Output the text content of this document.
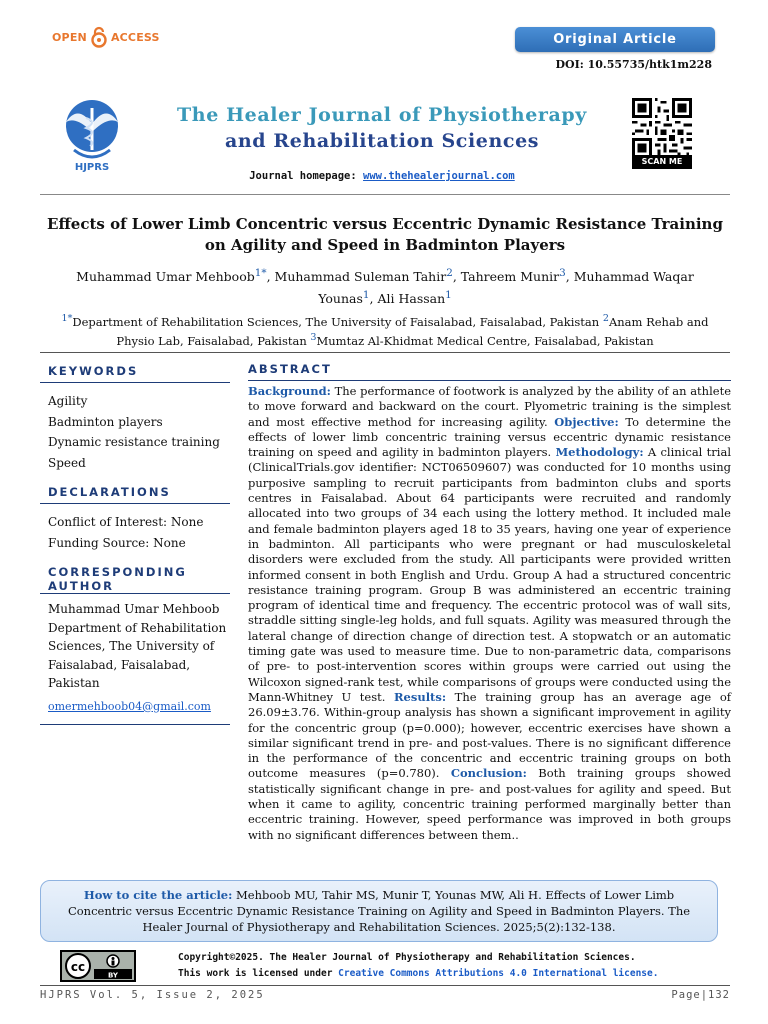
OPEN ACCESS	Original Article
DOI: 10.55735/htk1m228
HJPRS
The Healer Journal of Physiotherapy
and Rehabilitation Sciences
SCAN ME
Journal homepage: www.thehealerjournal.com
Effects of Lower Limb Concentric versus Eccentric Dynamic Resistance Training on Agility and Speed in Badminton Players
Muhammad Umar Mehboob$^{1*}$, Muhammad Suleman Tahir$^2$, Tahreem Munir$^3$, Muhammad Waqar Younas$^1$, Ali Hassan$^1$
$^{1*}$Department of Rehabilitation Sciences, The University of Faisalabad, Faisalabad, Pakistan $^2$Anam Rehab and Physio Lab, Faisalabad, Pakistan $^3$Mumtaz Al-Khidmat Medical Centre, Faisalabad, Pakistan
KEYWORDS
Agility
Badminton players
Dynamic resistance training
Speed
DECLARATIONS
Conflict of Interest: None
Funding Source: None
CORRESPONDING AUTHOR
Muhammad Umar Mehboob
Department of Rehabilitation Sciences, The University of Faisalabad, Faisalabad, Pakistan
omermehboob04@gmail.com
ABSTRACT
Background: The performance of footwork is analyzed by the ability of an athlete to move forward and backward on the court. Plyometric training is the simplest and most effective method for increasing agility. Objective: To determine the effects of lower limb concentric training versus eccentric dynamic resistance training on speed and agility in badminton players. Methodology: A clinical trial (ClinicalTrials.gov identifier: NCT06509607) was conducted for 10 months using purposive sampling to recruit participants from badminton clubs and sports centres in Faisalabad. About 64 participants were recruited and randomly allocated into two groups of 34 each using the lottery method. It included male and female badminton players aged 18 to 35 years, having one year of experience in badminton. All participants who were pregnant or had musculoskeletal disorders were excluded from the study. All participants were provided written informed consent in both English and Urdu. Group A had a structured concentric resistance training program. Group B was administered an eccentric training program of identical time and frequency. The eccentric protocol was of wall sits, straddle sitting single-leg holds, and full squats. Agility was measured through the lateral change of direction change of direction test. A stopwatch or an automatic timing gate was used to measure time. Due to non-parametric data, comparisons of pre- to post-intervention scores within groups were carried out using the Wilcoxon signed-rank test, while comparisons of groups were conducted using the Mann-Whitney U test. Results: The training group has an average age of 26.09±3.76. Within-group analysis has shown a significant improvement in agility for the concentric group (p=0.000); however, eccentric exercises have shown a similar significant trend in pre- and post-values. There is no significant difference in the performance of the concentric and eccentric training groups on both outcome measures (p=0.780). Conclusion: Both training groups showed statistically significant change in pre- and post-values for agility and speed. But when it came to agility, concentric training performed marginally better than eccentric training. However, speed performance was improved in both groups with no significant differences between them..
How to cite the article: Mehboob MU, Tahir MS, Munir T, Younas MW, Ali H. Effects of Lower Limb Concentric versus Eccentric Dynamic Resistance Training on Agility and Speed in Badminton Players. The Healer Journal of Physiotherapy and Rehabilitation Sciences. 2025;5(2):132-138.
cc
BY
Copyright©2025. The Healer Journal of Physiotherapy and Rehabilitation Sciences.
This work is licensed under Creative Commons Attributions 4.0 International license.
HJPRS Vol. 5, Issue 2, 2025	Page|132
